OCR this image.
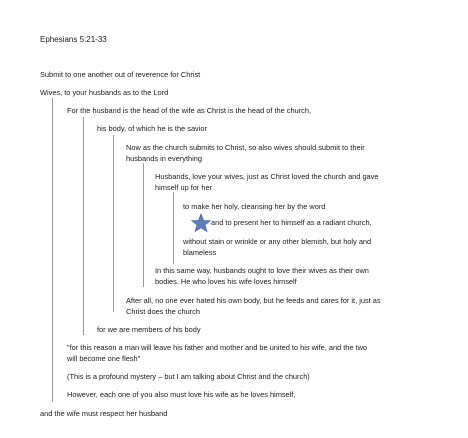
Ephesians 5:21-33
Submit to one another out of reverence for Christ
Wives, to your husbands as to the Lord
For the husband is the head of the wife as Christ is the head of the church,
his body, of which he is the savior
Now as the church submits to Christ, so also wives should submit to their
husbands in everything
Husbands, love your wives, just as Christ loved the church and gave
himself up for her
to make her holy, cleansing her by the word
and to present her to himself as a radiant church,
without stain or wrinkle or any other blemish, but holy and
blameless
In this same way, husbands ought to love their wives as their own
bodies. He who loves his wife loves himself
After all, no one ever hated his own body, but he feeds and cares for it, just as
Christ does the church
for we are members of his body
"for this reason a man will leave his father and mother and be united to his wife, and the two
will become one flesh"
(This is a profound mystery – but I am talking about Christ and the church)
However, each one of you also must love his wife as he loves himself,
and the wife must respect her husband
